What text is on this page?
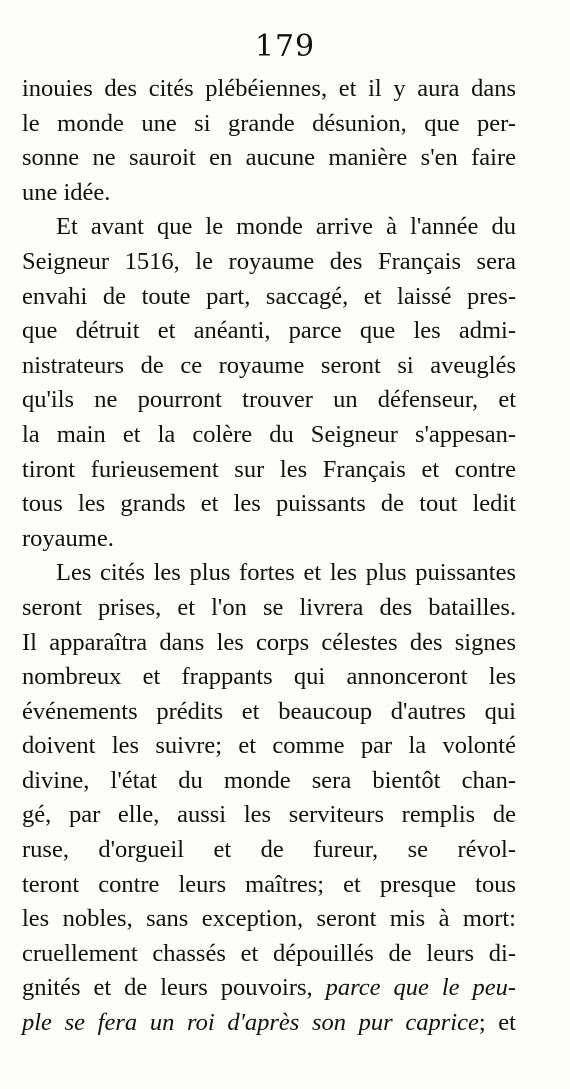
179
inouies des cités plébéiennes, et il y aura dans
le monde une si grande désunion, que per-
sonne ne sauroit en aucune manière s'en faire
une idée.
Et avant que le monde arrive à l'année du
Seigneur 1516, le royaume des Français sera
envahi de toute part, saccagé, et laissé pres-
que détruit et anéanti, parce que les admi-
nistrateurs de ce royaume seront si aveuglés
qu'ils ne pourront trouver un défenseur, et
la main et la colère du Seigneur s'appesan-
tiront furieusement sur les Français et contre
tous les grands et les puissants de tout ledit
royaume.
Les cités les plus fortes et les plus puissantes
seront prises, et l'on se livrera des batailles.
Il apparaîtra dans les corps célestes des signes
nombreux et frappants qui annonceront les
événements prédits et beaucoup d'autres qui
doivent les suivre; et comme par la volonté
divine, l'état du monde sera bientôt chan-
gé, par elle, aussi les serviteurs remplis de
ruse, d'orgueil et de fureur, se révol-
teront contre leurs maîtres; et presque tous
les nobles, sans exception, seront mis à mort:
cruellement chassés et dépouillés de leurs di-
gnités et de leurs pouvoirs, parce que le peu-
ple se fera un roi d'après son pur caprice; et
